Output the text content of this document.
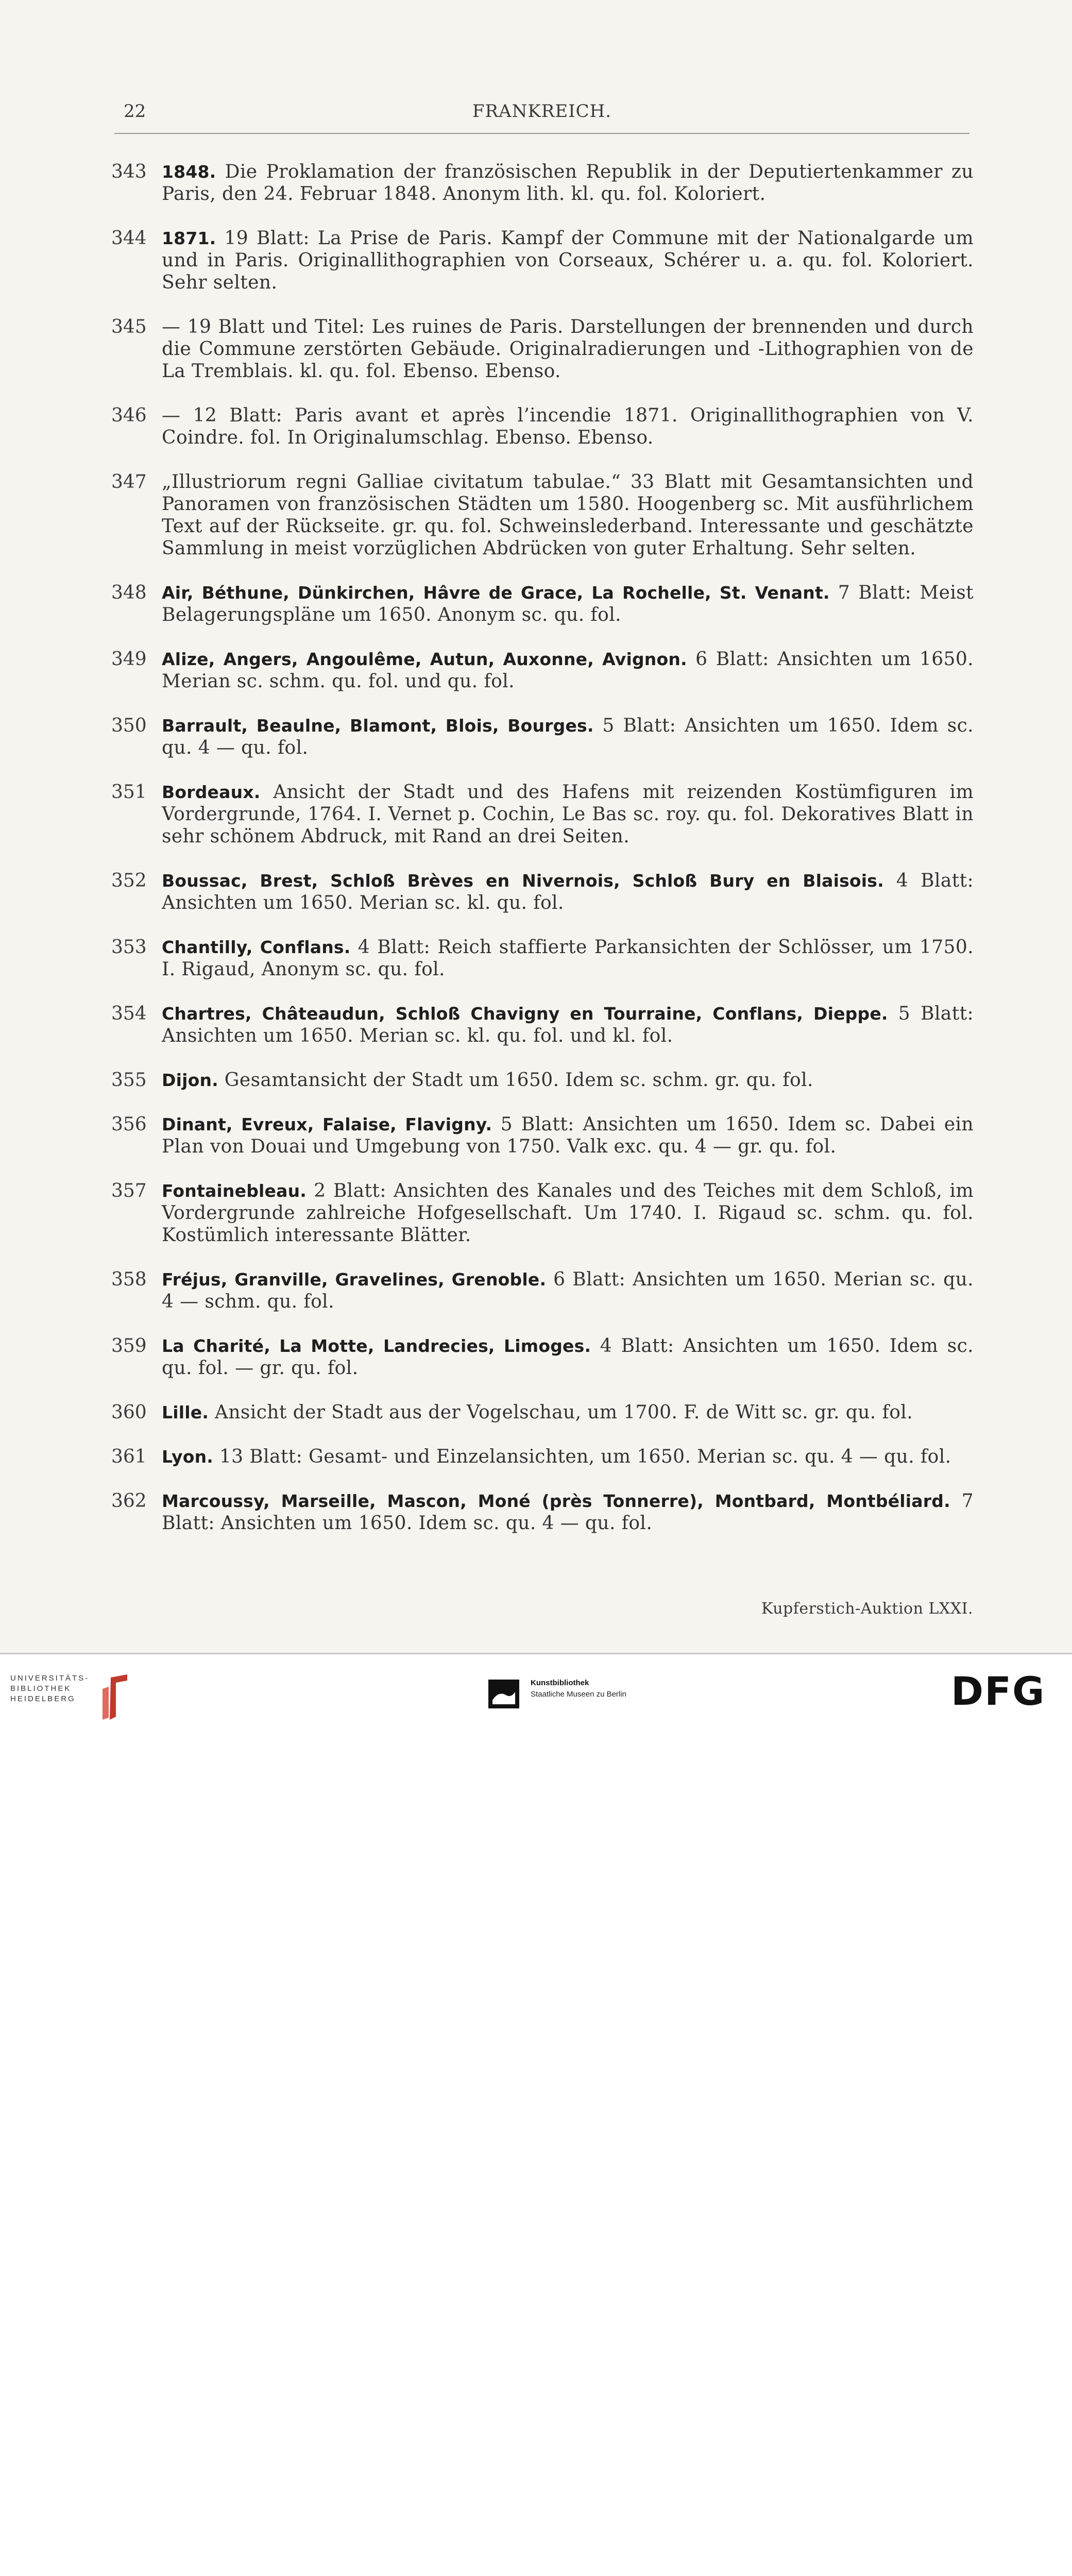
22	FRANKREICH.
343 1848. Die Proklamation der französischen Republik in der Deputiertenkammer zu Paris, den 24. Februar 1848. Anonym lith. kl. qu. fol. Koloriert.
344 1871. 19 Blatt: La Prise de Paris. Kampf der Commune mit der Nationalgarde um und in Paris. Originallithographien von Corseaux, Schérer u. a. qu. fol. Koloriert. Sehr selten.
345 — 19 Blatt und Titel: Les ruines de Paris. Darstellungen der brennenden und durch die Commune zerstörten Gebäude. Originalradierungen und -Lithographien von de La Tremblais. kl. qu. fol. Ebenso. Ebenso.
346 — 12 Blatt: Paris avant et après l’incendie 1871. Originallithographien von V. Coindre. fol. In Originalumschlag. Ebenso. Ebenso.
347 „Illustriorum regni Galliae civitatum tabulae.“ 33 Blatt mit Gesamtansichten und Panoramen von französischen Städten um 1580. Hoogenberg sc. Mit ausführlichem Text auf der Rückseite. gr. qu. fol. Schweinslederband. Interessante und geschätzte Sammlung in meist vorzüglichen Abdrücken von guter Erhaltung. Sehr selten.
348 Air, Béthune, Dünkirchen, Hâvre de Grace, La Rochelle, St. Venant. 7 Blatt: Meist Belagerungspläne um 1650. Anonym sc. qu. fol.
349 Alize, Angers, Angoulême, Autun, Auxonne, Avignon. 6 Blatt: Ansichten um 1650. Merian sc. schm. qu. fol. und qu. fol.
350 Barrault, Beaulne, Blamont, Blois, Bourges. 5 Blatt: Ansichten um 1650. Idem sc. qu. 4 — qu. fol.
351 Bordeaux. Ansicht der Stadt und des Hafens mit reizenden Kostümfiguren im Vordergrunde, 1764. I. Vernet p. Cochin, Le Bas sc. roy. qu. fol. Dekoratives Blatt in sehr schönem Abdruck, mit Rand an drei Seiten.
352 Boussac, Brest, Schloß Brèves en Nivernois, Schloß Bury en Blaisois. 4 Blatt: Ansichten um 1650. Merian sc. kl. qu. fol.
353 Chantilly, Conflans. 4 Blatt: Reich staffierte Parkansichten der Schlösser, um 1750. I. Rigaud, Anonym sc. qu. fol.
354 Chartres, Châteaudun, Schloß Chavigny en Tourraine, Conflans, Dieppe. 5 Blatt: Ansichten um 1650. Merian sc. kl. qu. fol. und kl. fol.
355 Dijon. Gesamtansicht der Stadt um 1650. Idem sc. schm. gr. qu. fol.
356 Dinant, Evreux, Falaise, Flavigny. 5 Blatt: Ansichten um 1650. Idem sc. Dabei ein Plan von Douai und Umgebung von 1750. Valk exc. qu. 4 — gr. qu. fol.
357 Fontainebleau. 2 Blatt: Ansichten des Kanales und des Teiches mit dem Schloß, im Vordergrunde zahlreiche Hofgesellschaft. Um 1740. I. Rigaud sc. schm. qu. fol. Kostümlich interessante Blätter.
358 Fréjus, Granville, Gravelines, Grenoble. 6 Blatt: Ansichten um 1650. Merian sc. qu. 4 — schm. qu. fol.
359 La Charité, La Motte, Landrecies, Limoges. 4 Blatt: Ansichten um 1650. Idem sc. qu. fol. — gr. qu. fol.
360 Lille. Ansicht der Stadt aus der Vogelschau, um 1700. F. de Witt sc. gr. qu. fol.
361 Lyon. 13 Blatt: Gesamt- und Einzelansichten, um 1650. Merian sc. qu. 4 — qu. fol.
362 Marcoussy, Marseille, Mascon, Moné (près Tonnerre), Montbard, Montbéliard. 7 Blatt: Ansichten um 1650. Idem sc. qu. 4 — qu. fol.
Kupferstich-Auktion LXXI.
UNIVERSITÄTS-
BIBLIOTHEK
HEIDELBERG
Kunstbibliothek
Staatliche Museen zu Berlin	DFG
